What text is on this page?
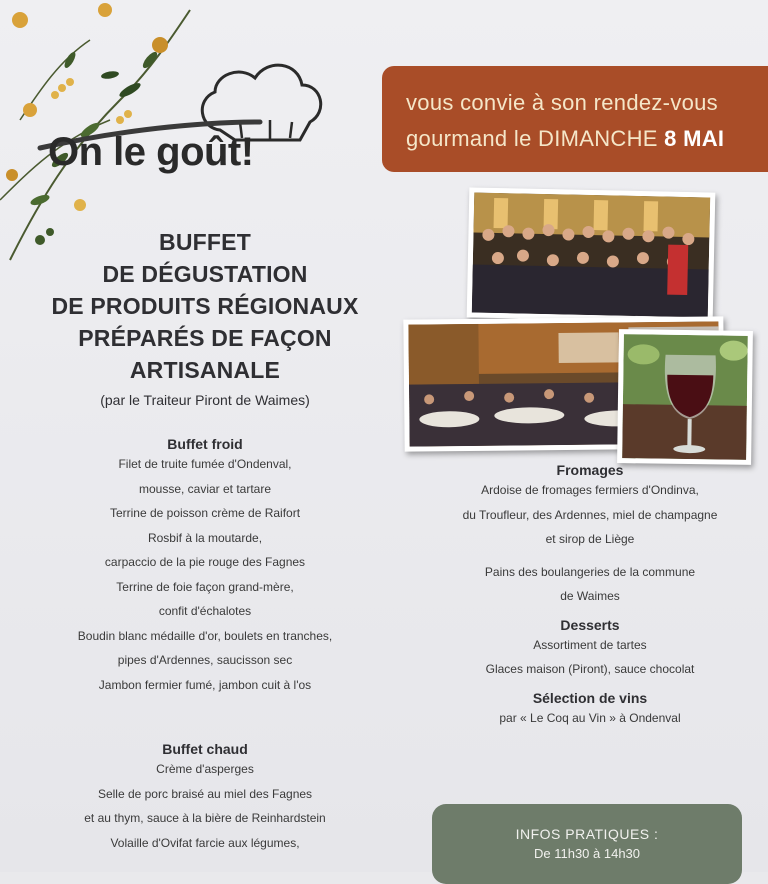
On le goût!
vous convie à son rendez-vous
gourmand le DIMANCHE 8 MAI
BUFFET
DE DÉGUSTATION
DE PRODUITS RÉGIONAUX
PRÉPARÉS DE FAÇON
ARTISANALE
(par le Traiteur Piront de Waimes)

Buffet froid

Filet de truite fumée d'Ondenval,

mousse, caviar et tartare

Terrine de poisson crème de Raifort

Rosbif à la moutarde,

carpaccio de la pie rouge des Fagnes

Terrine de foie façon grand-mère,

confit d'échalotes

Boudin blanc médaille d'or, boulets en tranches,

pipes d'Ardennes, saucisson sec

Jambon fermier fumé, jambon cuit à l'os

Buffet chaud

Crème d'asperges

Selle de porc braisé au miel des Fagnes

et au thym, sauce à la bière de Reinhardstein

Volaille d'Ovifat farcie aux légumes,

Fromages

Ardoise de fromages fermiers d'Ondinva,

du Troufleur, des Ardennes, miel de champagne

et sirop de Liège

Pains des boulangeries de la commune

de Waimes

Desserts

Assortiment de tartes

Glaces maison (Piront), sauce chocolat

Sélection de vins

par « Le Coq au Vin » à Ondenval

INFOS PRATIQUES :
De 11h30 à 14h30
